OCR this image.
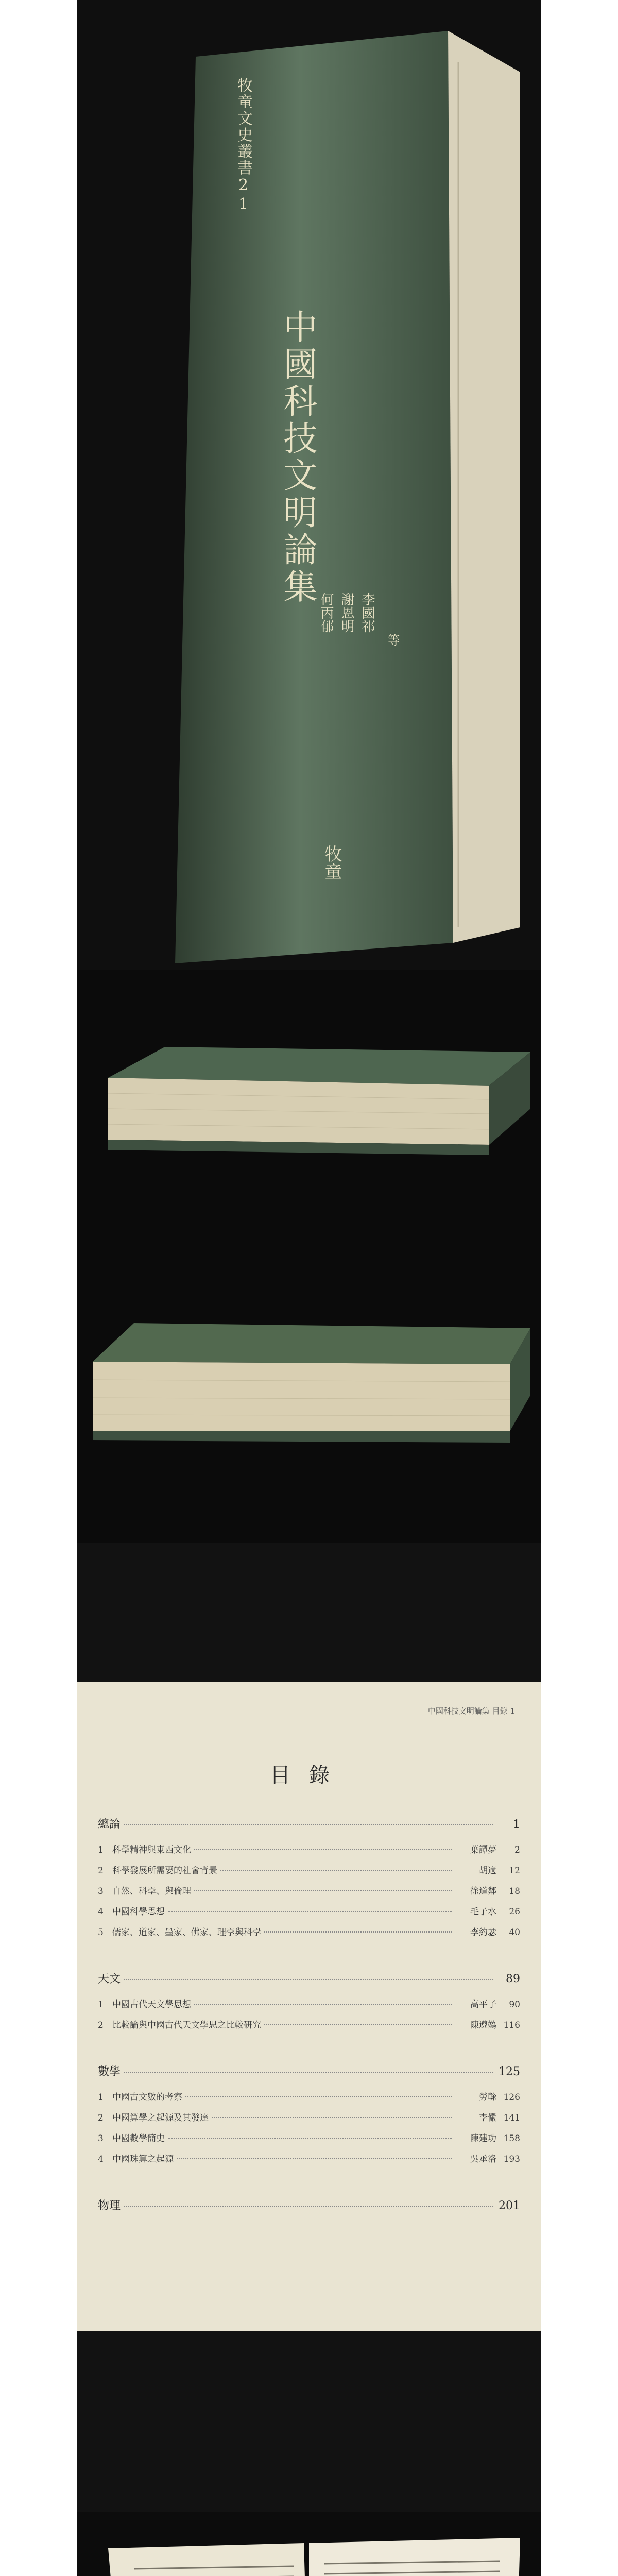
牧童文史叢書21
中國科技文明論集
李國祁
謝恩明
何丙郁
等
牧童
中國科技文明論集 目錄 1
目錄
總論	1
1	科學精神與東西文化	葉譚夢	2
2	科學發展所需要的社會背景	胡適	12
3	自然、科學、與倫理	徐道鄰	18
4	中國科學思想	毛子水	26
5	儒家、道家、墨家、佛家、理學與科學	李約瑟	40
天文	89
1	中國古代天文學思想	高平子	90
2	比較論與中國古代天文學思之比較研究	陳遵媯 116
數學	125
1	中國古文數的考察	勞榦 126
2	中國算學之起源及其發達	李儼 141
3	中國數學簡史	陳建功 158
4	中國珠算之起源	吳承洛 193
物理	201
